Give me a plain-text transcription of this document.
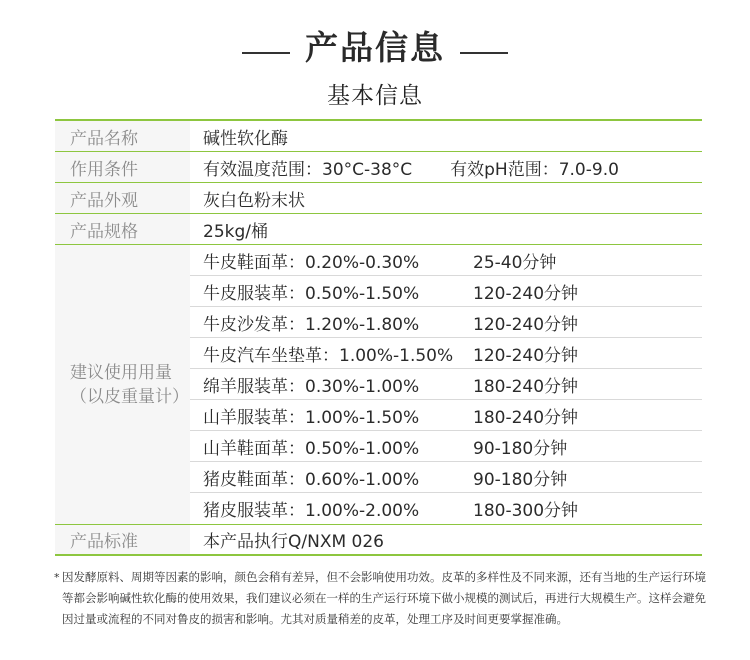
产品信息
基本信息
产品名称	碱性软化酶
作用条件	有效温度范围：30°C-38°C 有效pH范围：7.0-9.0
产品外观	灰白色粉末状
产品规格	25kg/桶
建议使用用量
（以皮重量计）
牛皮鞋面革：0.20%-0.30%	25-40分钟
牛皮服装革：0.50%-1.50%	120-240分钟
牛皮沙发革：1.20%-1.80%	120-240分钟
牛皮汽车坐垫革：1.00%-1.50%	120-240分钟
绵羊服装革：0.30%-1.00%	180-240分钟
山羊服装革：1.00%-1.50%	180-240分钟
山羊鞋面革：0.50%-1.00%	90-180分钟
猪皮鞋面革：0.60%-1.00%	90-180分钟
猪皮服装革：1.00%-2.00%	180-300分钟
产品标准	本产品执行Q/NXM 026
* 因发酵原料、周期等因素的影响，颜色会稍有差异，但不会影响使用功效。皮革的多样性及不同来源，还有当地的生产运行环境等都会影响碱性软化酶的使用效果，我们建议必须在一样的生产运行环境下做小规模的测试后，再进行大规模生产。这样会避免因过量或流程的不同对鲁皮的损害和影响。尤其对质量稍差的皮革，处理工序及时间更要掌握准确。
